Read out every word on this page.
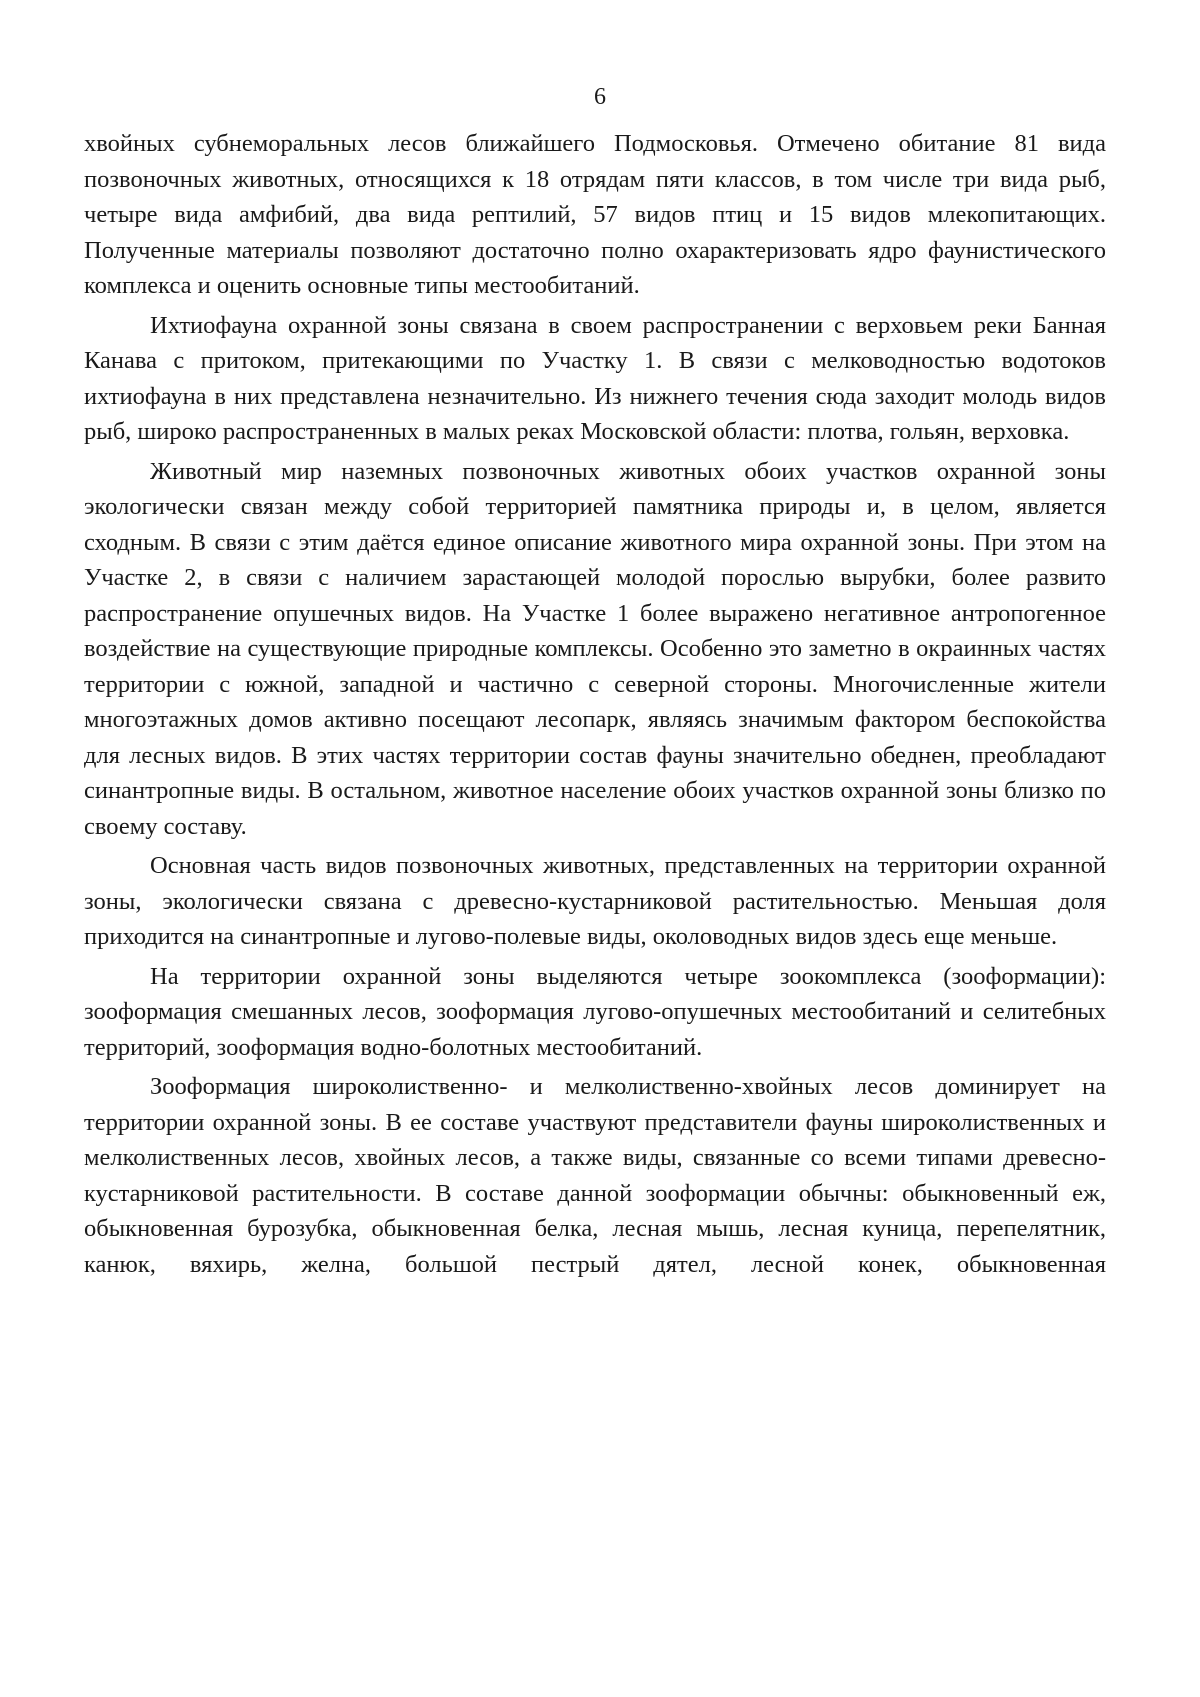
6

хвойных субнеморальных лесов ближайшего Подмосковья. Отмечено обитание 81 вида позвоночных животных, относящихся к 18 отрядам пяти классов, в том числе три вида рыб, четыре вида амфибий, два вида рептилий, 57 видов птиц и 15 видов млекопитающих. Полученные материалы позволяют достаточно полно охарактеризовать ядро фаунистического комплекса и оценить основные типы местообитаний.

Ихтиофауна охранной зоны связана в своем распространении с верховьем реки Банная Канава с притоком, притекающими по Участку 1. В связи с мелководностью водотоков ихтиофауна в них представлена незначительно. Из нижнего течения сюда заходит молодь видов рыб, широко распространенных в малых реках Московской области: плотва, гольян, верховка.

Животный мир наземных позвоночных животных обоих участков охранной зоны экологически связан между собой территорией памятника природы и, в целом, является сходным. В связи с этим даётся единое описание животного мира охранной зоны. При этом на Участке 2, в связи с наличием зарастающей молодой порослью вырубки, более развито распространение опушечных видов. На Участке 1 более выражено негативное антропогенное воздействие на существующие природные комплексы. Особенно это заметно в окраинных частях территории с южной, западной и частично с северной стороны. Многочисленные жители многоэтажных домов активно посещают лесопарк, являясь значимым фактором беспокойства для лесных видов. В этих частях территории состав фауны значительно обеднен, преобладают синантропные виды. В остальном, животное население обоих участков охранной зоны близко по своему составу.

Основная часть видов позвоночных животных, представленных на территории охранной зоны, экологически связана с древесно-кустарниковой растительностью. Меньшая доля приходится на синантропные и лугово-полевые виды, околоводных видов здесь еще меньше.

На территории охранной зоны выделяются четыре зоокомплекса (зооформации): зооформация смешанных лесов, зооформация лугово-опушечных местообитаний и селитебных территорий, зооформация водно-болотных местообитаний.

Зооформация широколиственно- и мелколиственно-хвойных лесов доминирует на территории охранной зоны. В ее составе участвуют представители фауны широколиственных и мелколиственных лесов, хвойных лесов, а также виды, связанные со всеми типами древесно-кустарниковой растительности. В составе данной зооформации обычны: обыкновенный еж, обыкновенная бурозубка, обыкновенная белка, лесная мышь, лесная куница, перепелятник, канюк, вяхирь, желна, большой пестрый дятел, лесной конек, обыкновенная
